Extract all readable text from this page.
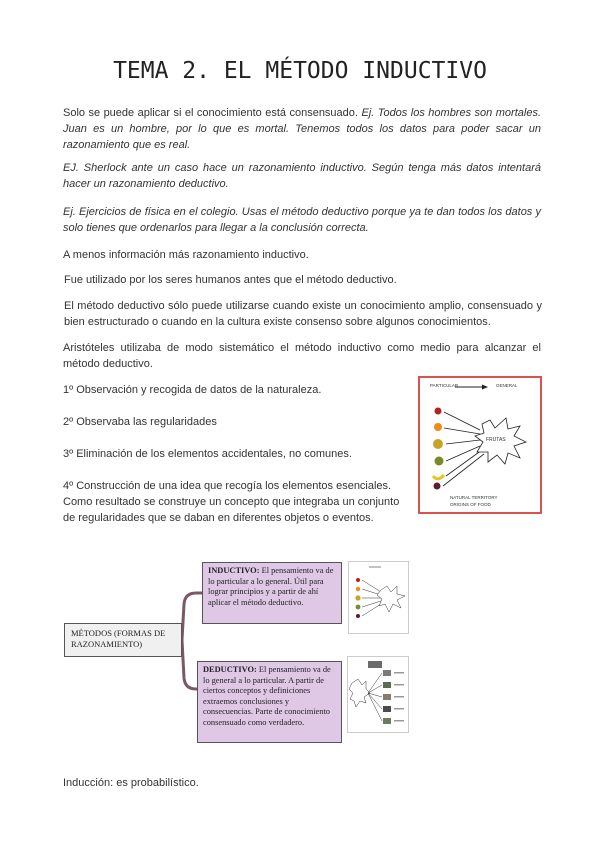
TEMA 2. EL MÉTODO INDUCTIVO

Solo se puede aplicar si el conocimiento está consensuado. Ej. Todos los hombres son mortales. Juan es un hombre, por lo que es mortal. Tenemos todos los datos para poder sacar un razonamiento que es real.

EJ. Sherlock ante un caso hace un razonamiento inductivo. Según tenga más datos intentará hacer un razonamiento deductivo.

Ej. Ejercicios de física en el colegio. Usas el método deductivo porque ya te dan todos los datos y solo tienes que ordenarlos para llegar a la conclusión correcta.

A menos información más razonamiento inductivo.

Fue utilizado por los seres humanos antes que el método deductivo.

El método deductivo sólo puede utilizarse cuando existe un conocimiento amplio, consensuado y bien estructurado o cuando en la cultura existe consenso sobre algunos conocimientos.

Aristóteles utilizaba de modo sistemático el método inductivo como medio para alcanzar el método deductivo.

1º Observación y recogida de datos de la naturaleza.

2º Observaba las regularidades

3º Eliminación de los elementos accidentales, no comunes.

4º Construcción de una idea que recogía los elementos esenciales.

Como resultado se construye un concepto que integraba un conjunto

de regularidades que se daban en diferentes objetos o eventos.

PARTICULAR	GENERAL
FRUTAS
NATURAL TERRITORY
ORIGINS OF FOOD
MÉTODOS (FORMAS DE RAZONAMIENTO)
INDUCTIVO: El pensamiento va de lo particular a lo general. Útil para lograr principios y a partir de ahí aplicar el método deductivo.
DEDUCTIVO: El pensamiento va de lo general a lo particular. A partir de ciertos conceptos y definiciones extraemos conclusiones y consecuencias. Parte de conocimiento consensuado como verdadero.

Inducción: es probabilístico.
